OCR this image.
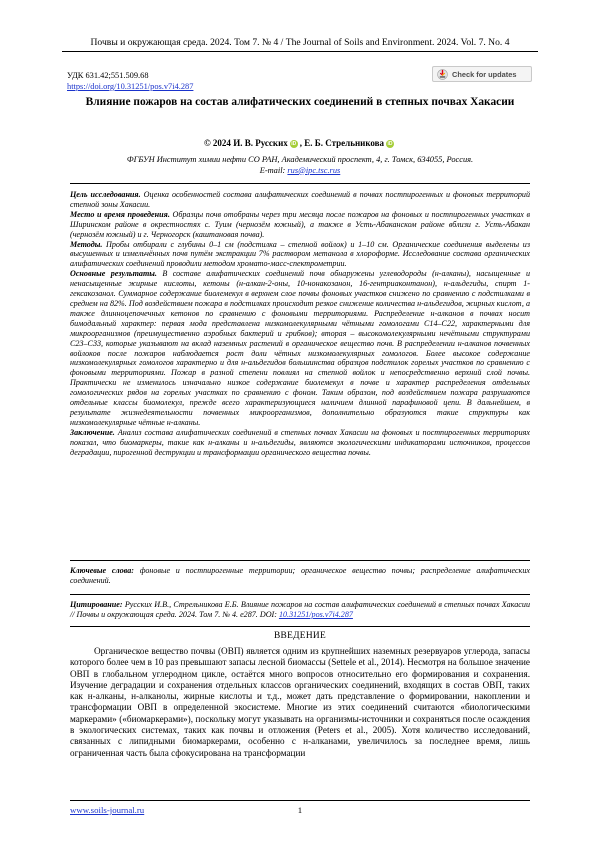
Почвы и окружающая среда. 2024. Том 7. № 4 / The Journal of Soils and Environment. 2024. Vol. 7. No. 4
УДК 631.42;551.509.68
https://doi.org/10.31251/pos.v7i4.287
Check for updates
Влияние пожаров на состав алифатических соединений в степных почвах Хакасии
© 2024 И. В. Русских iD , Е. Б. Стрельникова iD
ФГБУН Институт химии нефти СО РАН, Академический проспект, 4, г. Томск, 634055, Россия.
E-mail: rus@ipc.tsc.rus

Цель исследования. Оценка особенностей состава алифатических соединений в почвах постпирогенных и фоновых территорий степной зоны Хакасии.

Место и время проведения. Образцы почв отобраны через три месяца после пожаров на фоновых и постпирогенных участках в Ширинском районе в окрестностях с. Туим (чернозём южный), а также в Усть-Абаканском районе вблизи г. Усть-Абакан (чернозём южный) и г. Черногорск (каштановая почва).

Методы. Пробы отбирали с глубины 0–1 см (подстилка – степной войлок) и 1–10 см. Органические соединения выделены из высушенных и измельчённых почв путём экстракции 7% раствором метанола в хлороформе. Исследование состава органических алифатических соединений проводили методом хромато-масс-спектрометрии.

Основные результаты. В составе алифатических соединений почв обнаружены углеводороды (н-алканы), насыщенные и ненасыщенные жирные кислоты, кетоны (н-алкан-2-оны, 10-нонакозанон, 16-гентриаконтанон), н-альдегиды, спирт 1-гексакозанол. Суммарное содержание биолемекул в верхнем слое почвы фоновых участков снижено по сравнению с подстилками в среднем на 82%. Под воздействием пожара в подстилках происходит резкое снижение количества н-альдегидов, жирных кислот, а также длинноцепочечных кетонов по сравнению с фоновыми территориями. Распределение н-алканов в почвах носит бимодальный характер: первая мода представлена низкомолекулярными чётными гомологами С14–С22, характерными для микроорганизмов (преимущественно аэробных бактерий и грибков); вторая – высокомолекулярными нечётными структурами С23–С33, которые указывают на вклад наземных растений в органическое вещество почв. В распределении н-алканов почвенных войлоков после пожаров наблюдается рост доли чётных низкомолекулярных гомологов. Более высокое содержание низкомолекулярных гомологов характерно и для н-альдегидов большинства образцов подстилок горелых участков по сравнению с фоновыми территориями. Пожар в разной степени повлиял на степной войлок и непосредственно верхний слой почвы. Практически не изменилось изначально низкое содержание биолемекул в почве и характер распределения отдельных гомологических рядов на горелых участках по сравнению с фоном. Таким образом, под воздействием пожара разрушаются отдельные классы биомолекул, прежде всего характеризующиеся наличием длинной парафиновой цепи. В дальнейшем, в результате жизнедеятельности почвенных микроорганизмов, дополнительно образуются такие структуры как низкомолекулярные чётные н-алканы.

Заключение. Анализ состава алифатических соединений в степных почвах Хакасии на фоновых и постпирогенных территориях показал, что биомаркеры, такие как н-алканы и н-альдегиды, являются экологическими индикаторами источников, процессов деградации, пирогенной деструкции и трансформации органического вещества почвы.

Ключевые слова: фоновые и постпирогенные территории; органическое вещество почвы; распределение алифатических соединений.
Цитирование: Русских И.В., Стрельникова Е.Б. Влияние пожаров на состав алифатических соединений в степных почвах Хакасии // Почвы и окружающая среда. 2024. Том 7. № 4. e287. DOI: 10.31251/pos.v7i4.287
ВВЕДЕНИЕ

Органическое вещество почвы (ОВП) является одним из крупнейших наземных резервуаров углерода, запасы которого более чем в 10 раз превышают запасы лесной биомассы (Settele et al., 2014). Несмотря на большое значение ОВП в глобальном углеродном цикле, остаётся много вопросов относительно его формирования и сохранения. Изучение деградации и сохранения отдельных классов органических соединений, входящих в состав ОВП, таких как н-алканы, н-алканолы, жирные кислоты и т.д., может дать представление о формировании, накоплении и трансформации ОВП в определенной экосистеме. Многие из этих соединений считаются «биологическими маркерами» («биомаркерами»), поскольку могут указывать на организмы-источники и сохраняться после осаждения в экологических системах, таких как почвы и отложения (Peters et al., 2005). Хотя количество исследований, связанных с липидными биомаркерами, особенно с н-алканами, увеличилось за последнее время, лишь ограниченная часть была сфокусирована на трансформации

www.soils-journal.ru	1
